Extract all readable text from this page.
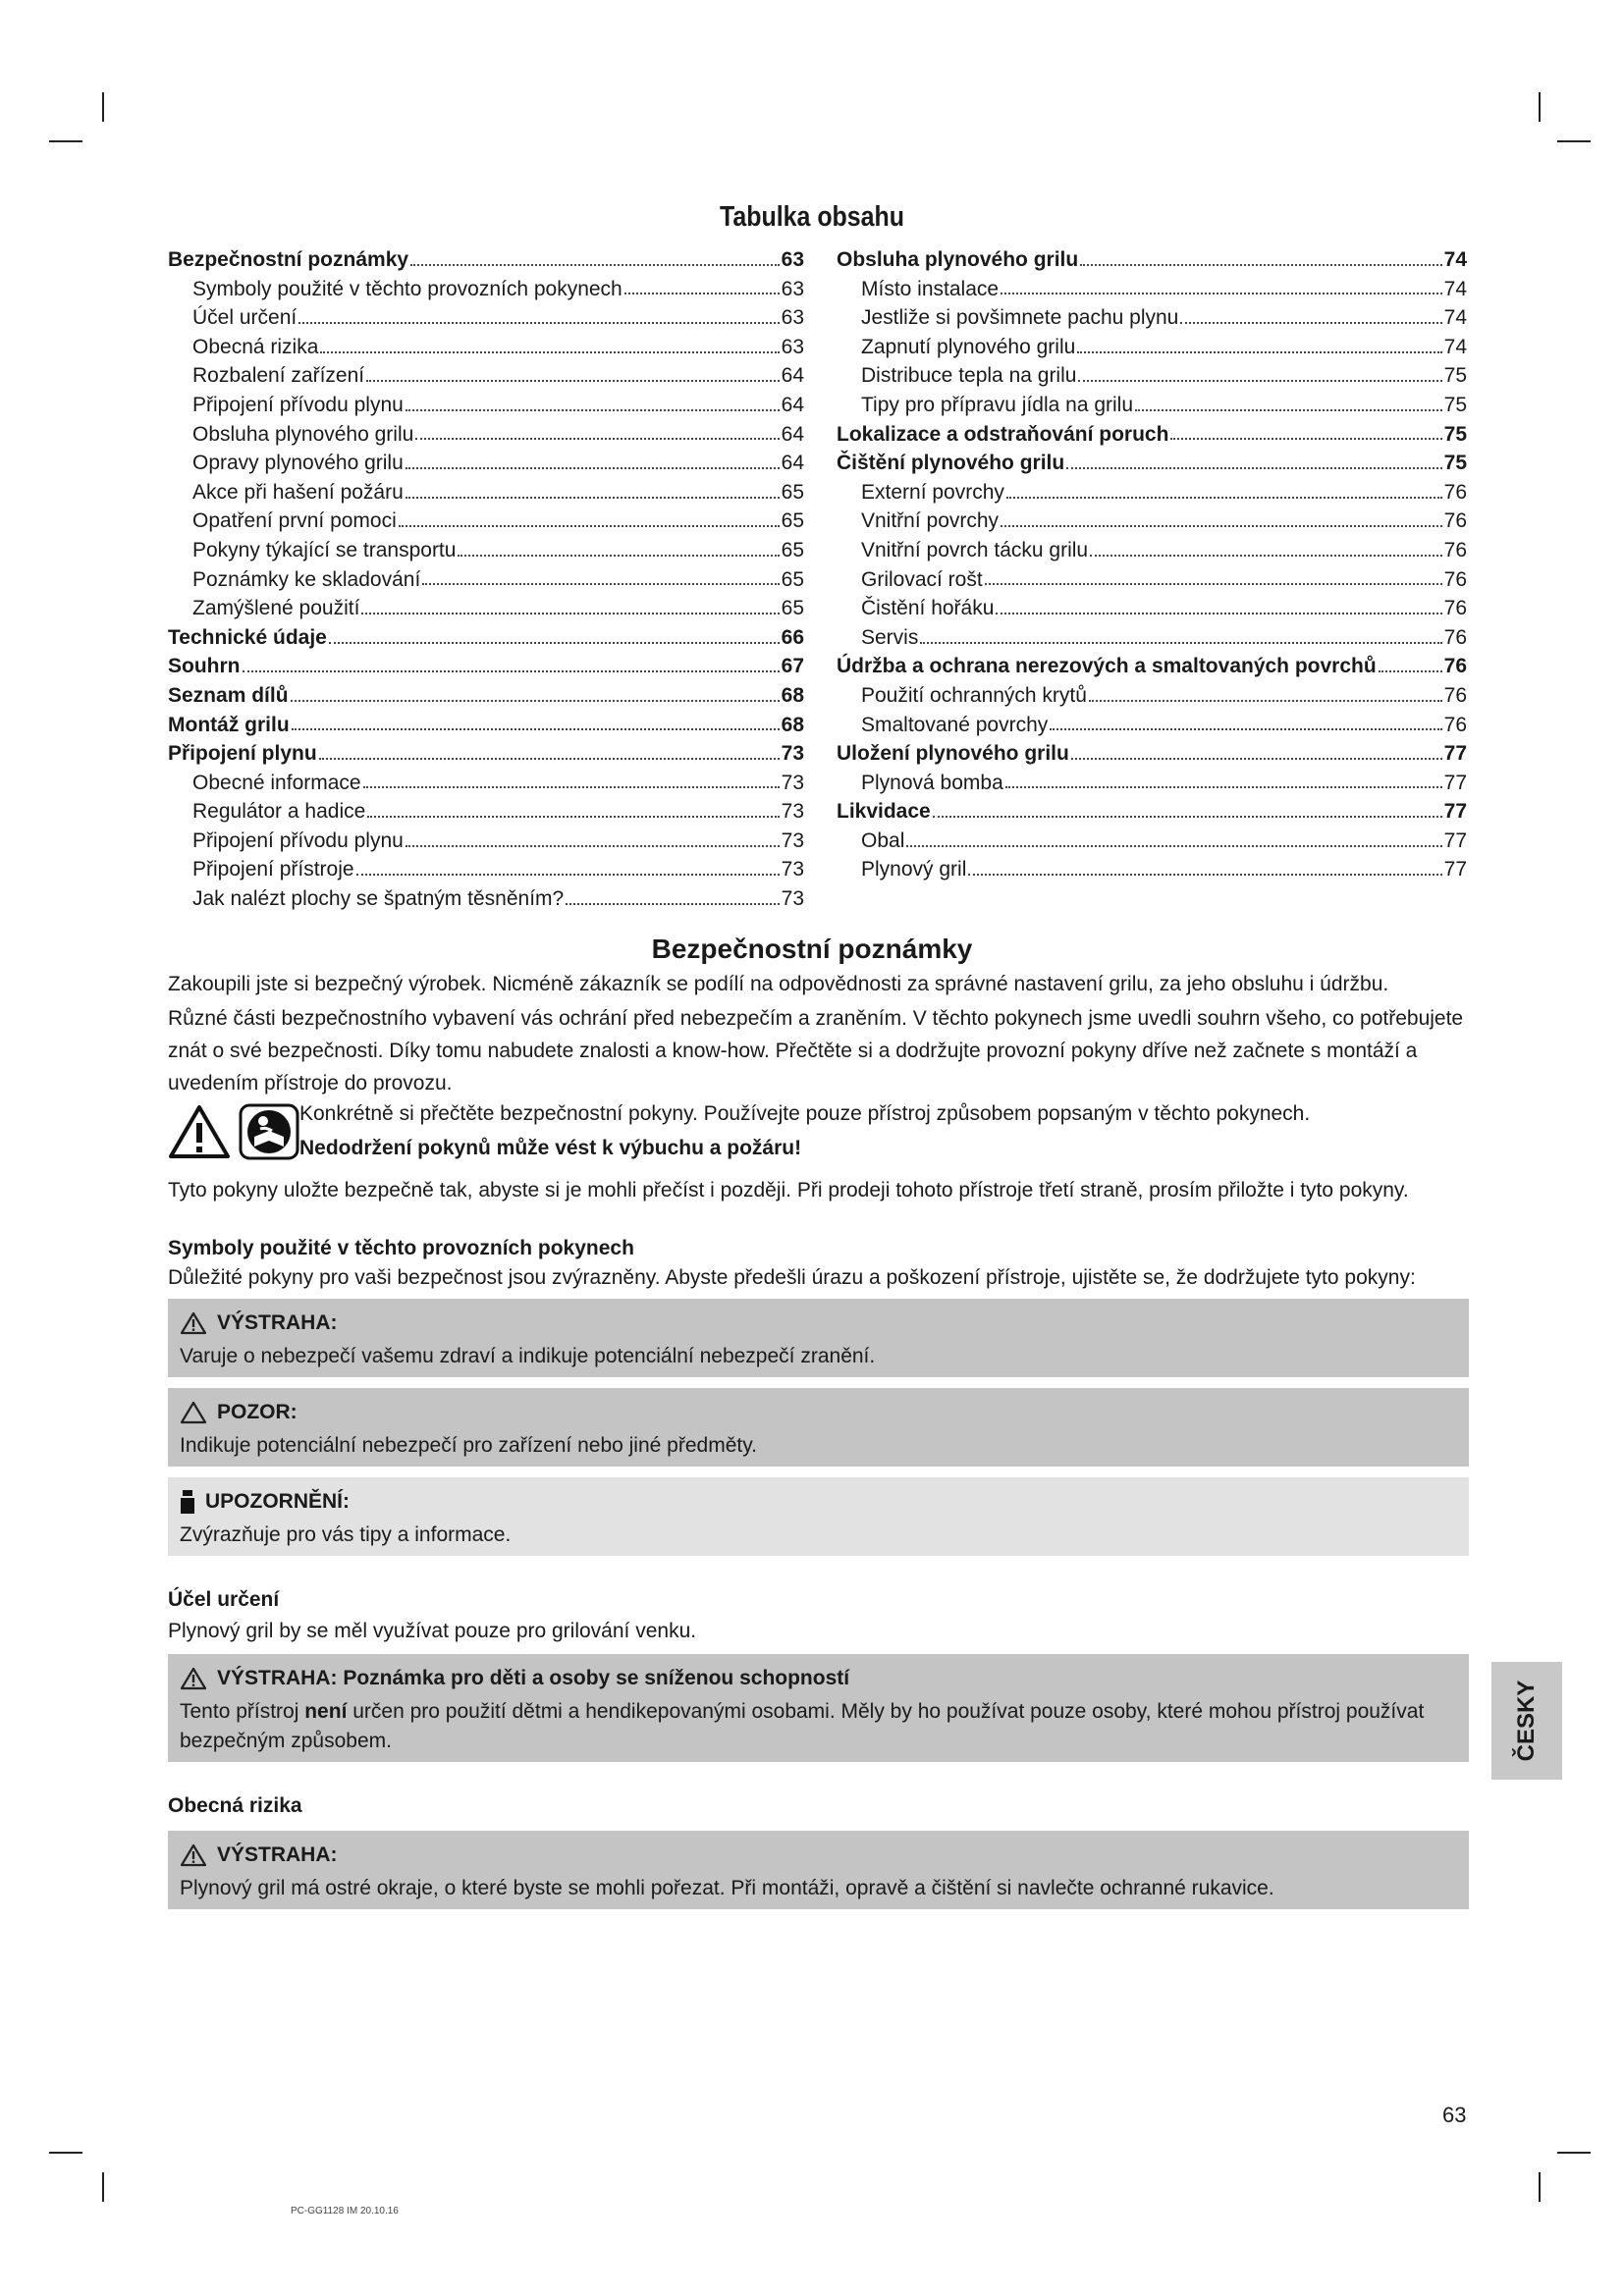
Tabulka obsahu
Bezpečnostní poznámky	63
Symboly použité v těchto provozních pokynech	63
Účel určení	63
Obecná rizika	63
Rozbalení zařízení	64
Připojení přívodu plynu	64
Obsluha plynového grilu	64
Opravy plynového grilu	64
Akce při hašení požáru	65
Opatření první pomoci	65
Pokyny týkající se transportu	65
Poznámky ke skladování	65
Zamýšlené použití	65
Technické údaje	66
Souhrn	67
Seznam dílů	68
Montáž grilu	68
Připojení plynu	73
Obecné informace	73
Regulátor a hadice	73
Připojení přívodu plynu	73
Připojení přístroje	73
Jak nalézt plochy se špatným těsněním?	73
Obsluha plynového grilu	74
Místo instalace	74
Jestliže si povšimnete pachu plynu	74
Zapnutí plynového grilu	74
Distribuce tepla na grilu	75
Tipy pro přípravu jídla na grilu	75
Lokalizace a odstraňování poruch	75
Čištění plynového grilu	75
Externí povrchy	76
Vnitřní povrchy	76
Vnitřní povrch tácku grilu	76
Grilovací rošt	76
Čistění hořáku	76
Servis	76
Údržba a ochrana nerezových a smaltovaných povrchů	76
Použití ochranných krytů	76
Smaltované povrchy	76
Uložení plynového grilu	77
Plynová bomba	77
Likvidace	77
Obal	77
Plynový gril	77
Bezpečnostní poznámky
Zakoupili jste si bezpečný výrobek. Nicméně zákazník se podílí na odpovědnosti za správné nastavení grilu, za jeho obsluhu i údržbu.
Různé části bezpečnostního vybavení vás ochrání před nebezpečím a zraněním. V těchto pokynech jsme uvedli souhrn všeho, co potřebujete znát o své bezpečnosti. Díky tomu nabudete znalosti a know-how. Přečtěte si a dodržujte provozní pokyny dříve než začnete s montáží a uvedením přístroje do provozu.
Konkrétně si přečtěte bezpečnostní pokyny. Používejte pouze přístroj způsobem popsaným v těchto pokynech.
Nedodržení pokynů může vést k výbuchu a požáru!
Tyto pokyny uložte bezpečně tak, abyste si je mohli přečíst i později. Při prodeji tohoto přístroje třetí straně, prosím přiložte i tyto pokyny.
Symboly použité v těchto provozních pokynech
Důležité pokyny pro vaši bezpečnost jsou zvýrazněny. Abyste předešli úrazu a poškození přístroje, ujistěte se, že dodržujete tyto pokyny:
VÝSTRAHA:
Varuje o nebezpečí vašemu zdraví a indikuje potenciální nebezpečí zranění.
POZOR:
Indikuje potenciální nebezpečí pro zařízení nebo jiné předměty.
UPOZORNĚNÍ:
Zvýrazňuje pro vás tipy a informace.
Účel určení
Plynový gril by se měl využívat pouze pro grilování venku.
VÝSTRAHA: Poznámka pro děti a osoby se sníženou schopností
Tento přístroj není určen pro použití dětmi a hendikepovanými osobami. Měly by ho používat pouze osoby, které mohou přístroj používat bezpečným způsobem.
Obecná rizika
VÝSTRAHA:
Plynový gril má ostré okraje, o které byste se mohli pořezat. Při montáži, opravě a čištění si navlečte ochranné rukavice.
ČESKY
63
PC-GG1128 IM 20.10.16
